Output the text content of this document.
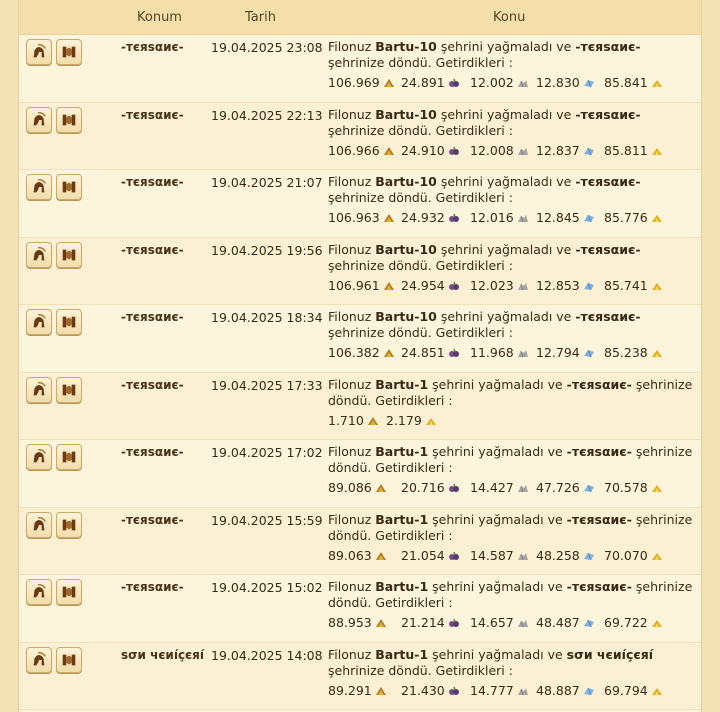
Konum	Tarih	Konu
-тєяѕαиє- 19.04.2025 23:08 Filonuz Bartu-10 şehrini yağmaladı ve -тєяѕαиє- şehrinize döndü. Getirdikleri :
106.969	24.891	12.002	12.830	85.841
-тєяѕαиє- 19.04.2025 22:13 Filonuz Bartu-10 şehrini yağmaladı ve -тєяѕαиє- şehrinize döndü. Getirdikleri :
106.966	24.910	12.008	12.837	85.811
-тєяѕαиє- 19.04.2025 21:07 Filonuz Bartu-10 şehrini yağmaladı ve -тєяѕαиє- şehrinize döndü. Getirdikleri :
106.963	24.932	12.016	12.845	85.776
-тєяѕαиє- 19.04.2025 19:56 Filonuz Bartu-10 şehrini yağmaladı ve -тєяѕαиє- şehrinize döndü. Getirdikleri :
106.961	24.954	12.023	12.853	85.741
-тєяѕαиє- 19.04.2025 18:34 Filonuz Bartu-10 şehrini yağmaladı ve -тєяѕαиє- şehrinize döndü. Getirdikleri :
106.382	24.851	11.968	12.794	85.238
-тєяѕαиє- 19.04.2025 17:33 Filonuz Bartu-1 şehrini yağmaladı ve -тєяѕαиє- şehrinize döndü. Getirdikleri :
1.710	2.179
-тєяѕαиє- 19.04.2025 17:02 Filonuz Bartu-1 şehrini yağmaladı ve -тєяѕαиє- şehrinize döndü. Getirdikleri :
89.086	20.716	14.427	47.726	70.578
-тєяѕαиє- 19.04.2025 15:59 Filonuz Bartu-1 şehrini yağmaladı ve -тєяѕαиє- şehrinize döndü. Getirdikleri :
89.063	21.054	14.587	48.258	70.070
-тєяѕαиє- 19.04.2025 15:02 Filonuz Bartu-1 şehrini yağmaladı ve -тєяѕαиє- şehrinize döndü. Getirdikleri :
88.953	21.214	14.657	48.487	69.722
ѕσи чєиíçєяí 19.04.2025 14:08 Filonuz Bartu-1 şehrini yağmaladı ve ѕσи чєиíçєяí şehrinize döndü. Getirdikleri :
89.291	21.430	14.777	48.887	69.794
